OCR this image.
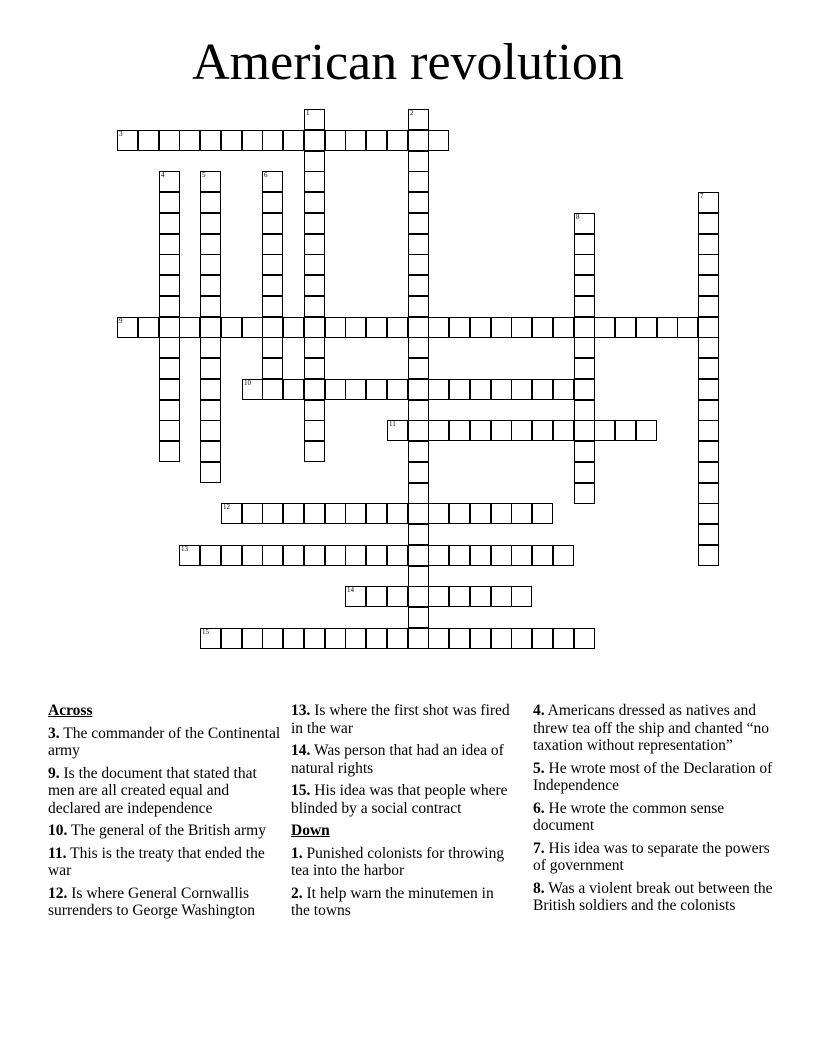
American revolution
1	2
3
4	5	6
7
8
9
10
11
12
13
14
15
Across
3. The commander of the Continental army
9. Is the document that stated that men are all created equal and declared are independence
10. The general of the British army
11. This is the treaty that ended the war
12. Is where General Cornwallis surrenders to George Washington
13. Is where the first shot was fired in the war
14. Was person that had an idea of natural rights
15. His idea was that people where blinded by a social contract
Down
1. Punished colonists for throwing tea into the harbor
2. It help warn the minutemen in the towns
4. Americans dressed as natives and threw tea off the ship and chanted “no taxation without representation”
5. He wrote most of the Declaration of Independence
6. He wrote the common sense document
7. His idea was to separate the powers of government
8. Was a violent break out between the British soldiers and the colonists
